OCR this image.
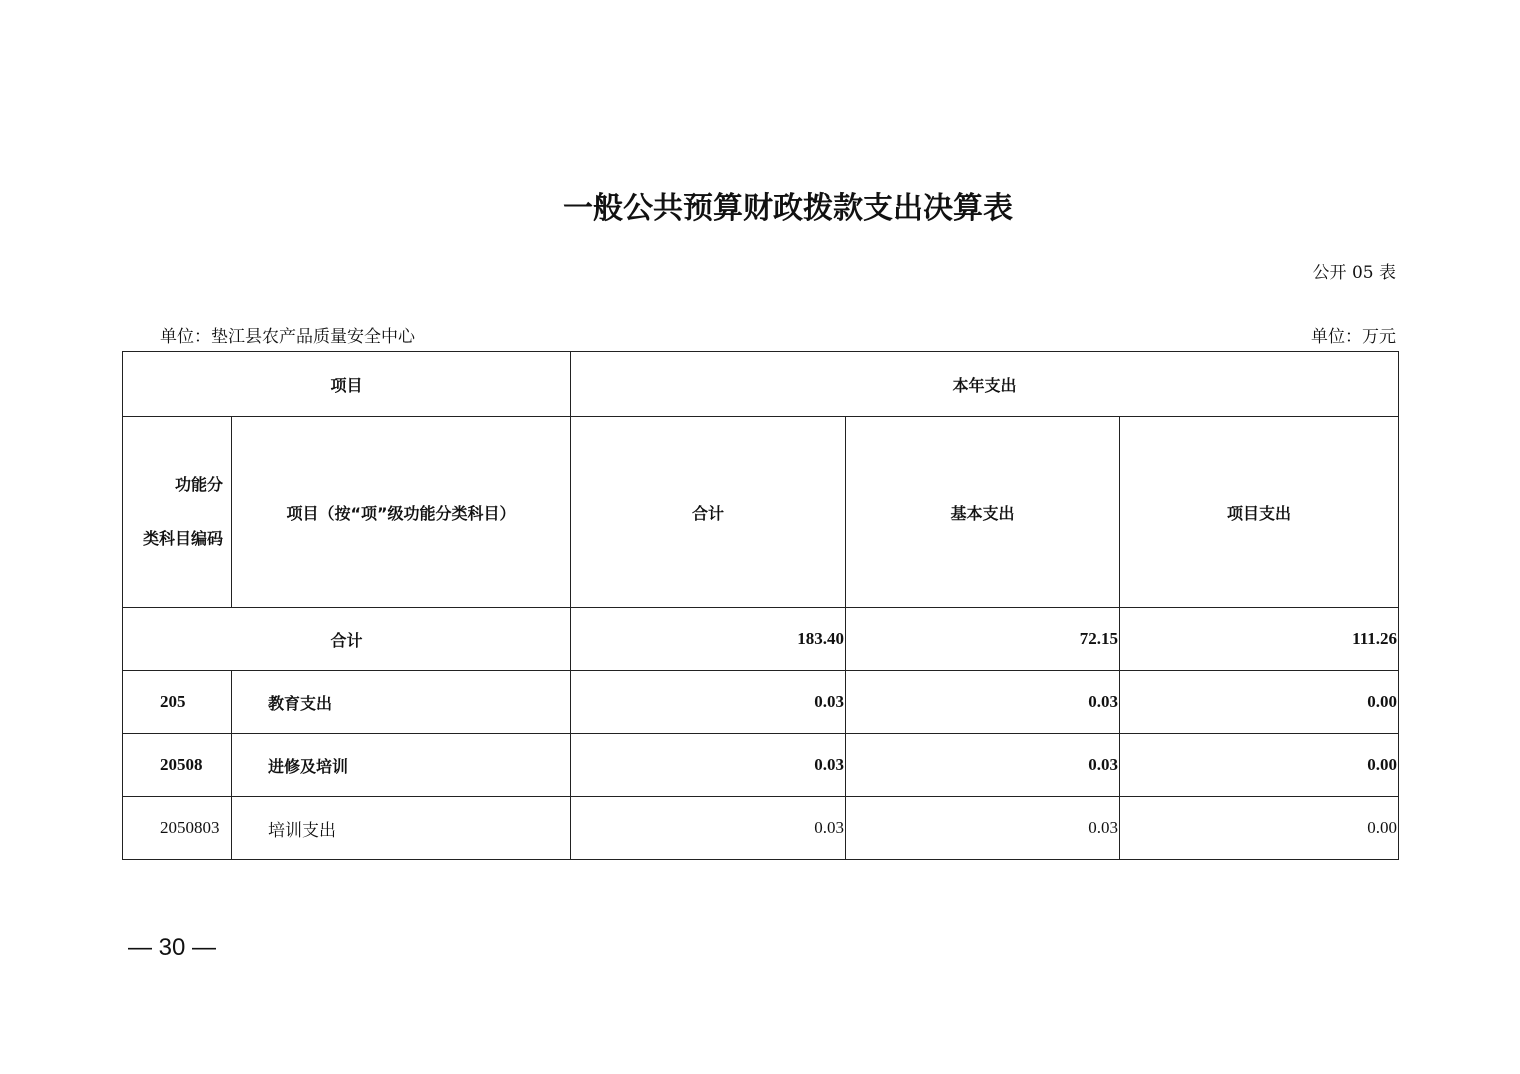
一般公共预算财政拨款支出决算表
公开 05 表
单位：垫江县农产品质量安全中心	单位：万元
项目		本年支出		

功能分
类科目编码	项目（按“项”级功能分类科目）	合计	基本支出	项目支出
合计		183.40	72.15	111.26
205	教育支出	0.03	0.03	0.00
20508	进修及培训	0.03	0.03	0.00
2050803	培训支出	0.03	0.03	0.00
— 30 —
